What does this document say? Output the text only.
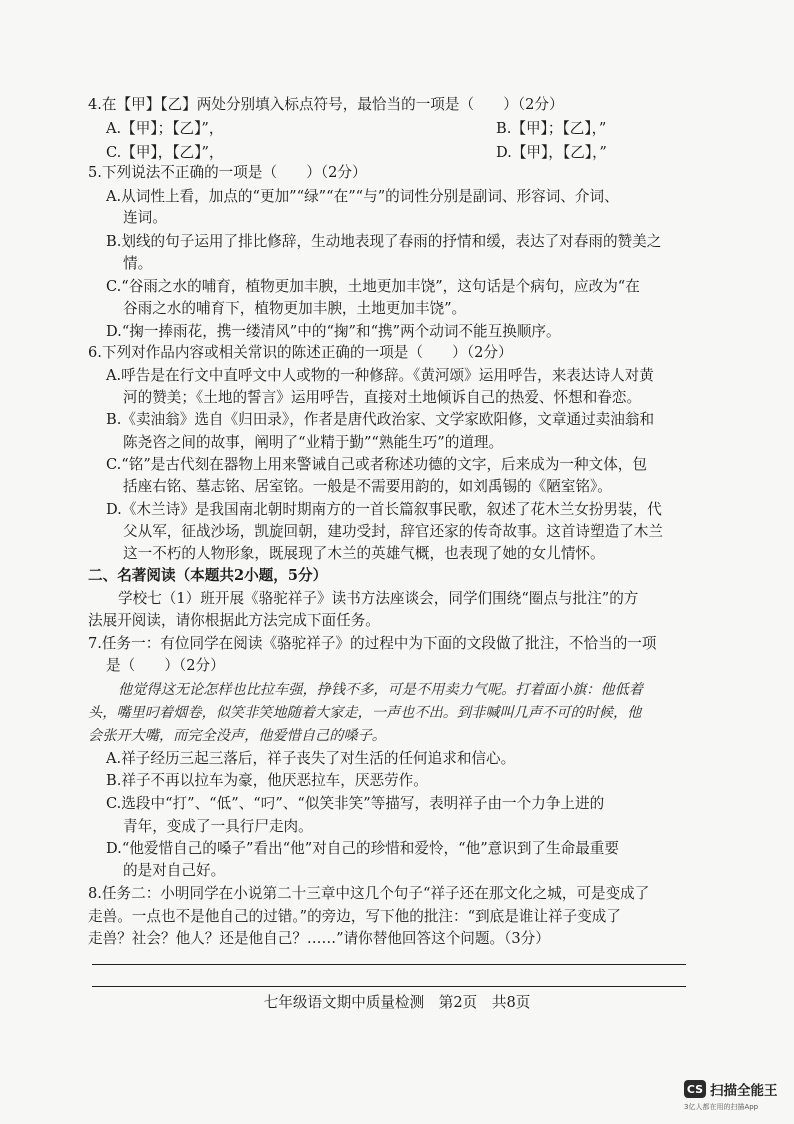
4.在【甲】【乙】两处分别填入标点符号，最恰当的一项是（　　）（2分）
A.【甲】；【乙】”，	B.【甲】；【乙】，”
C.【甲】，【乙】”，	D.【甲】，【乙】，”
5.下列说法不正确的一项是（　　）（2分）
A.从词性上看，加点的“更加”“绿”“在”“与”的词性分别是副词、形容词、介词、
连词。
B.划线的句子运用了排比修辞，生动地表现了春雨的抒情和缓，表达了对春雨的赞美之
情。
C.“谷雨之水的哺育，植物更加丰腴，土地更加丰饶”，这句话是个病句，应改为“在
谷雨之水的哺育下，植物更加丰腴，土地更加丰饶”。
D.“掬一捧雨花，携一缕清风”中的“掬”和“携”两个动词不能互换顺序。
6.下列对作品内容或相关常识的陈述正确的一项是（　　）（2分）
A.呼告是在行文中直呼文中人或物的一种修辞。《黄河颂》运用呼告，来表达诗人对黄
河的赞美；《土地的誓言》运用呼告，直接对土地倾诉自己的热爱、怀想和眷恋。
B.《卖油翁》选自《归田录》，作者是唐代政治家、文学家欧阳修，文章通过卖油翁和
陈尧咨之间的故事，阐明了“业精于勤”“熟能生巧”的道理。
C.“铭”是古代刻在器物上用来警诫自己或者称述功德的文字，后来成为一种文体，包
括座右铭、墓志铭、居室铭。一般是不需要用韵的，如刘禹锡的《陋室铭》。
D.《木兰诗》是我国南北朝时期南方的一首长篇叙事民歌，叙述了花木兰女扮男装，代
父从军，征战沙场，凯旋回朝，建功受封，辞官还家的传奇故事。这首诗塑造了木兰
这一不朽的人物形象，既展现了木兰的英雄气概，也表现了她的女儿情怀。
二、名著阅读（本题共2小题，5分）
学校七（1）班开展《骆驼祥子》读书方法座谈会，同学们围绕“圈点与批注”的方
法展开阅读，请你根据此方法完成下面任务。
7.任务一：有位同学在阅读《骆驼祥子》的过程中为下面的文段做了批注，不恰当的一项
是（　　）（2分）
他觉得这无论怎样也比拉车强，挣钱不多，可是不用卖力气呢。打着面小旗：他低着
头，嘴里叼着烟卷，似笑非笑地随着大家走，一声也不出。到非喊叫几声不可的时候，他
会张开大嘴，而完全没声，他爱惜自己的嗓子。
A.祥子经历三起三落后，祥子丧失了对生活的任何追求和信心。
B.祥子不再以拉车为豪，他厌恶拉车，厌恶劳作。
C.选段中“打”、“低”、“叼”、“似笑非笑”等描写，表明祥子由一个力争上进的
青年，变成了一具行尸走肉。
D.“他爱惜自己的嗓子”看出“他”对自己的珍惜和爱怜，“他”意识到了生命最重要
的是对自己好。
8.任务二：小明同学在小说第二十三章中这几个句子“祥子还在那文化之城，可是变成了
走兽。一点也不是他自己的过错。”的旁边，写下他的批注：“到底是谁让祥子变成了
走兽？社会？他人？还是他自己？……”请你替他回答这个问题。（3分）
七年级语文期中质量检测　第2页　共8页
CS 扫描全能王
3亿人都在用的扫描App
